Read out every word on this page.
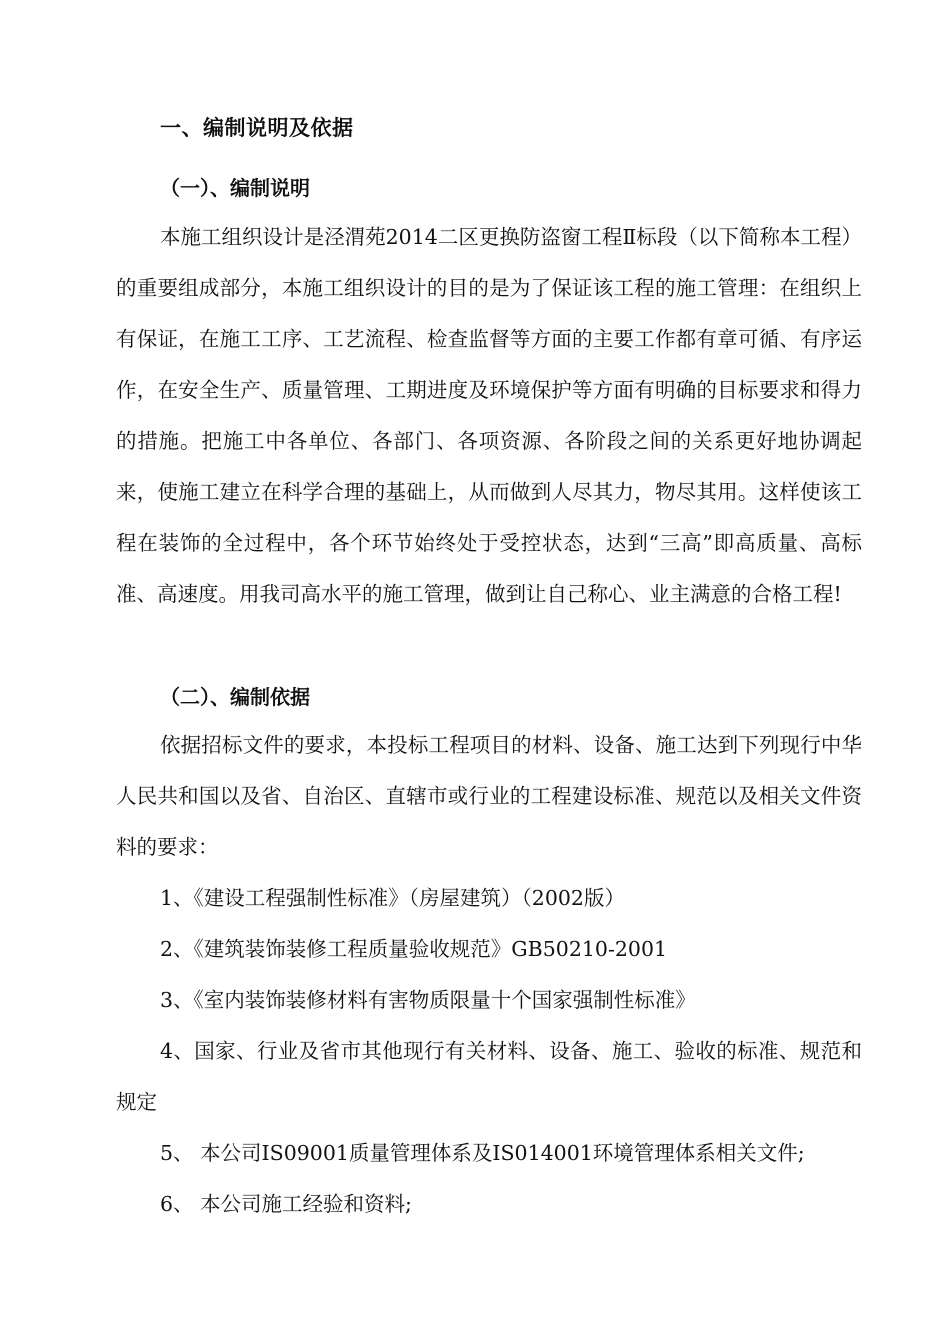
一、编制说明及依据
（一）、编制说明

本施工组织设计是泾渭苑2014二区更换防盗窗工程Ⅱ标段（以下简称本工程）的重要组成部分，本施工组织设计的目的是为了保证该工程的施工管理：在组织上有保证，在施工工序、工艺流程、检查监督等方面的主要工作都有章可循、有序运作，在安全生产、质量管理、工期进度及环境保护等方面有明确的目标要求和得力的措施。把施工中各单位、各部门、各项资源、各阶段之间的关系更好地协调起来，使施工建立在科学合理的基础上，从而做到人尽其力，物尽其用。这样使该工程在装饰的全过程中，各个环节始终处于受控状态，达到“三高”即高质量、高标准、高速度。用我司高水平的施工管理，做到让自己称心、业主满意的合格工程!

（二）、编制依据

依据招标文件的要求，本投标工程项目的材料、设备、施工达到下列现行中华人民共和国以及省、自治区、直辖市或行业的工程建设标准、规范以及相关文件资料的要求：

1、《建设工程强制性标准》（房屋建筑）（2002版）

2、《建筑装饰装修工程质量验收规范》GB50210-2001

3、《室内装饰装修材料有害物质限量十个国家强制性标准》

4、国家、行业及省市其他现行有关材料、设备、施工、验收的标准、规范和规定

5、 本公司IS09001质量管理体系及IS014001环境管理体系相关文件;

6、 本公司施工经验和资料;
